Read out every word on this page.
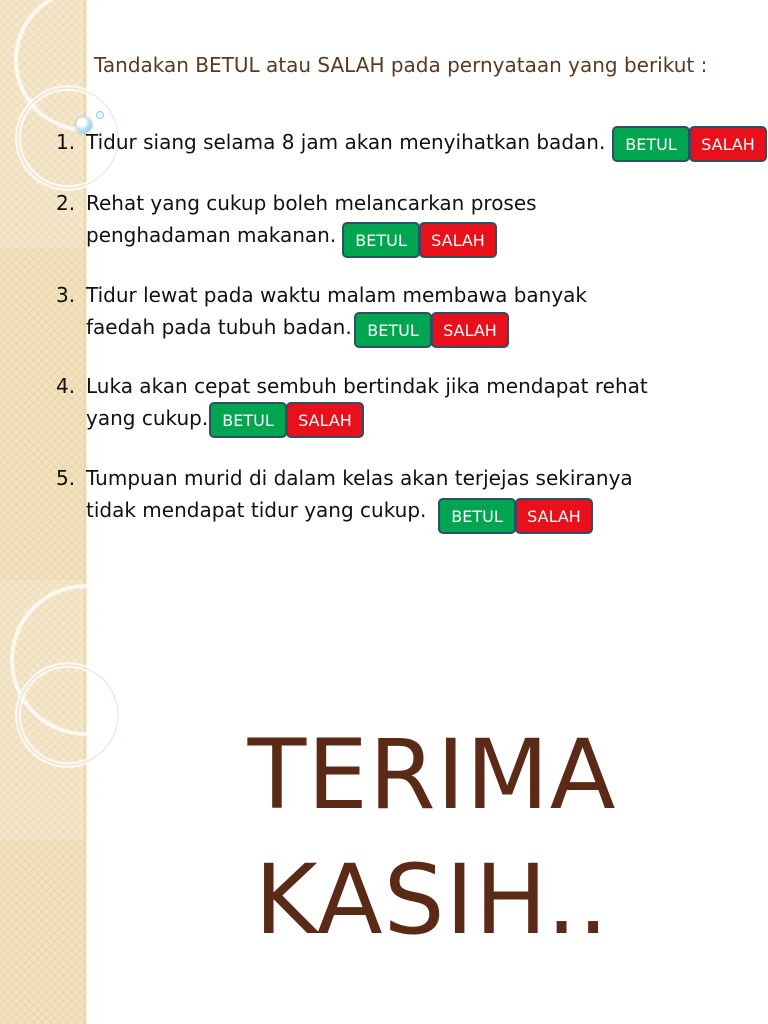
Tandakan BETUL atau SALAH pada pernyataan yang berikut :
1. Tidur siang selama 8 jam akan menyihatkan badan.	BETUL	SALAH
2. Rehat yang cukup boleh melancarkan proses
penghadaman makanan.	BETUL	SALAH
3. Tidur lewat pada waktu malam membawa banyak
faedah pada tubuh badan. BETUL	SALAH
4. Luka akan cepat sembuh bertindak jika mendapat rehat
yang cukup. BETUL	SALAH
5. Tumpuan murid di dalam kelas akan terjejas sekiranya
tidak mendapat tidur yang cukup.	BETUL	SALAH
TERIMA
KASIH..
